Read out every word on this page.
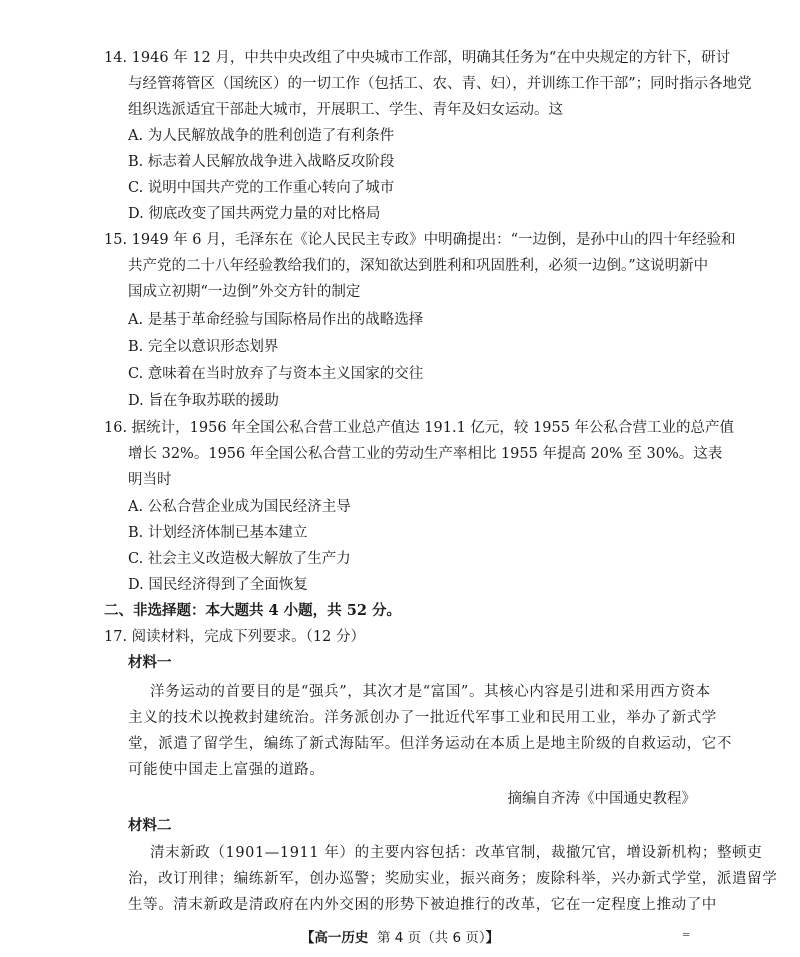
14. 1946 年 12 月，中共中央改组了中央城市工作部，明确其任务为“在中央规定的方针下，研讨
与经管蒋管区（国统区）的一切工作（包括工、农、青、妇），并训练工作干部”；同时指示各地党
组织选派适宜干部赴大城市，开展职工、学生、青年及妇女运动。这
A. 为人民解放战争的胜利创造了有利条件
B. 标志着人民解放战争进入战略反攻阶段
C. 说明中国共产党的工作重心转向了城市
D. 彻底改变了国共两党力量的对比格局
15. 1949 年 6 月，毛泽东在《论人民民主专政》中明确提出：“一边倒，是孙中山的四十年经验和
共产党的二十八年经验教给我们的，深知欲达到胜利和巩固胜利，必须一边倒。”这说明新中
国成立初期“一边倒”外交方针的制定
A. 是基于革命经验与国际格局作出的战略选择
B. 完全以意识形态划界
C. 意味着在当时放弃了与资本主义国家的交往
D. 旨在争取苏联的援助
16. 据统计，1956 年全国公私合营工业总产值达 191.1 亿元，较 1955 年公私合营工业的总产值
增长 32%。1956 年全国公私合营工业的劳动生产率相比 1955 年提高 20% 至 30%。这表
明当时
A. 公私合营企业成为国民经济主导
B. 计划经济体制已基本建立
C. 社会主义改造极大解放了生产力
D. 国民经济得到了全面恢复
二、非选择题：本大题共 4 小题，共 52 分。
17. 阅读材料，完成下列要求。（12 分）
材料一
洋务运动的首要目的是“强兵”，其次才是“富国”。其核心内容是引进和采用西方资本
主义的技术以挽救封建统治。洋务派创办了一批近代军事工业和民用工业，举办了新式学
堂，派遣了留学生，编练了新式海陆军。但洋务运动在本质上是地主阶级的自救运动，它不
可能使中国走上富强的道路。
摘编自齐涛《中国通史教程》
材料二
清末新政（1901—1911 年）的主要内容包括：改革官制，裁撤冗官，增设新机构；整顿吏
治，改订刑律；编练新军，创办巡警；奖励实业，振兴商务；废除科举，兴办新式学堂，派遣留学
生等。清末新政是清政府在内外交困的形势下被迫推行的改革，它在一定程度上推动了中
【高一历史 第 4 页（共 6 页）】	=
